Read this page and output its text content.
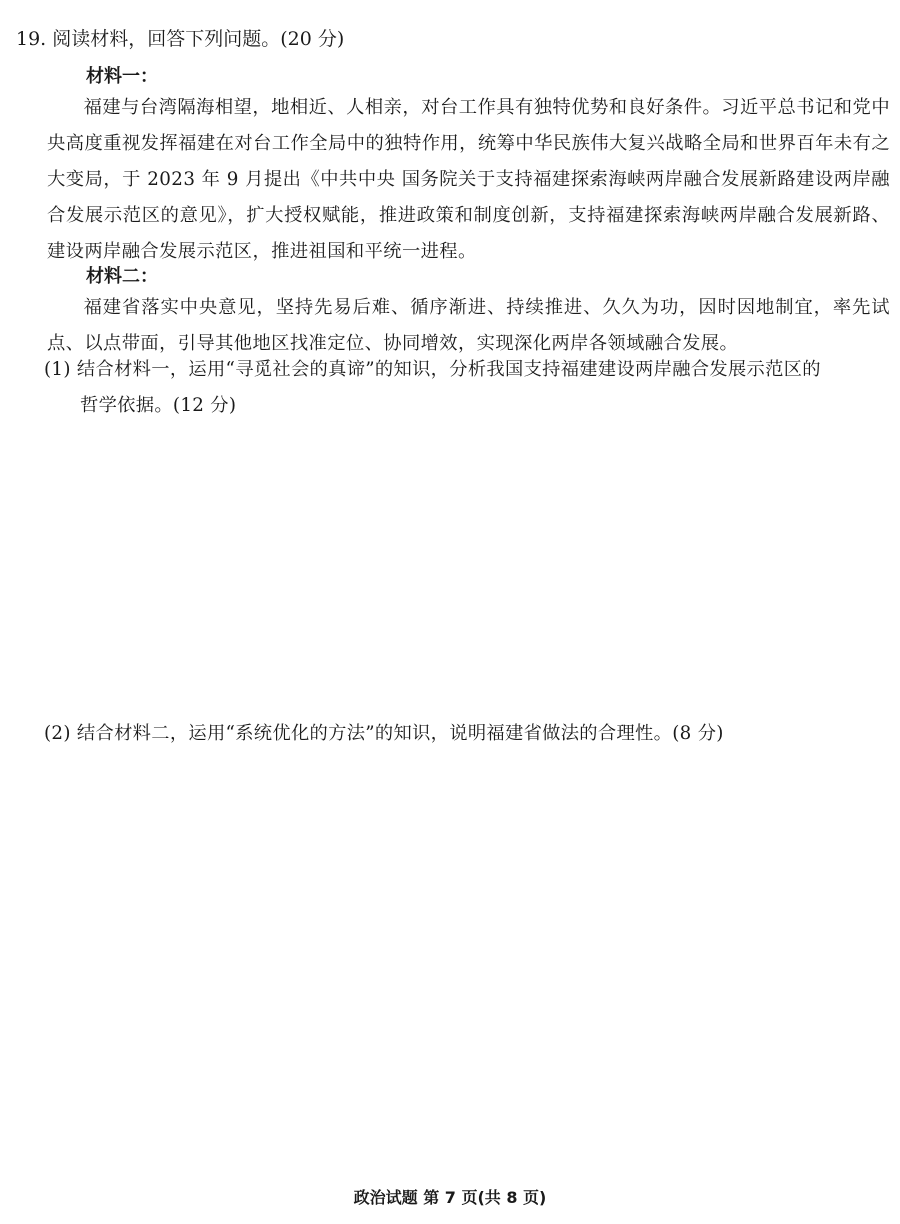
19. 阅读材料，回答下列问题。(20 分)
材料一：
福建与台湾隔海相望，地相近、人相亲，对台工作具有独特优势和良好条件。习近平总书记和党中央高度重视发挥福建在对台工作全局中的独特作用，统筹中华民族伟大复兴战略全局和世界百年未有之大变局，于 2023 年 9 月提出《中共中央 国务院关于支持福建探索海峡两岸融合发展新路建设两岸融合发展示范区的意见》，扩大授权赋能，推进政策和制度创新，支持福建探索海峡两岸融合发展新路、建设两岸融合发展示范区，推进祖国和平统一进程。
材料二：
福建省落实中央意见，坚持先易后难、循序渐进、持续推进、久久为功，因时因地制宜，率先试点、以点带面，引导其他地区找准定位、协同增效，实现深化两岸各领域融合发展。
(1) 结合材料一，运用“寻觅社会的真谛”的知识，分析我国支持福建建设两岸融合发展示范区的
哲学依据。(12 分)
(2) 结合材料二，运用“系统优化的方法”的知识，说明福建省做法的合理性。(8 分)
政治试题 第 7 页(共 8 页)
